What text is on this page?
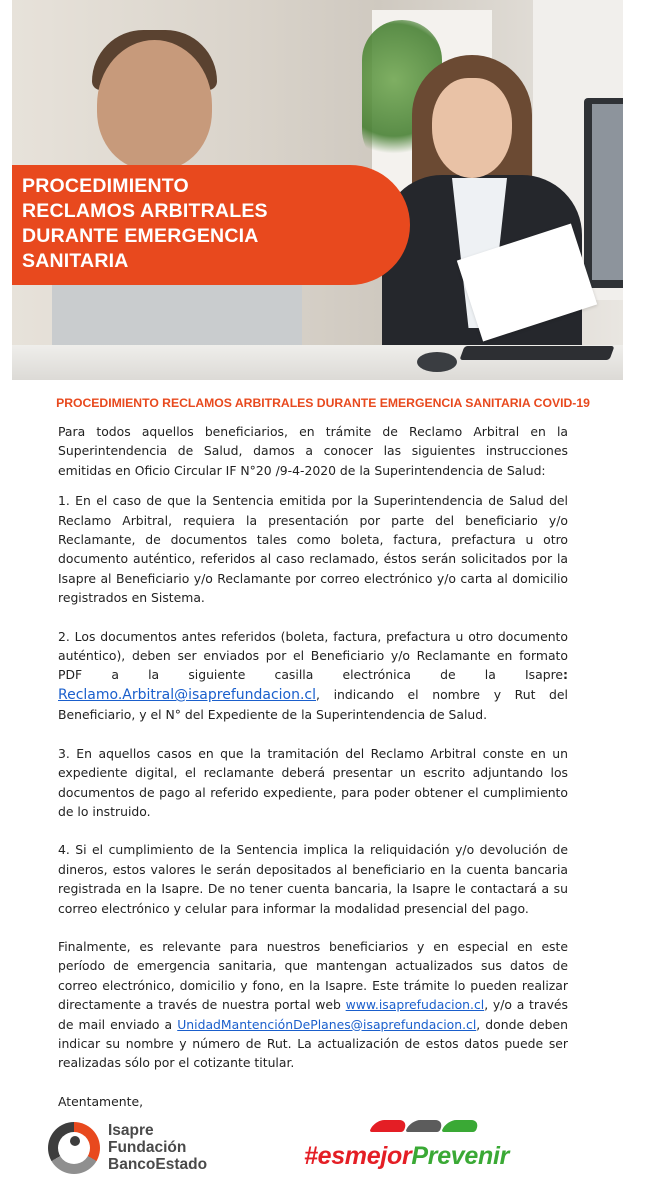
PROCEDIMIENTO
RECLAMOS ARBITRALES
DURANTE EMERGENCIA
SANITARIA
PROCEDIMIENTO RECLAMOS ARBITRALES DURANTE EMERGENCIA SANITARIA COVID-19

Para todos aquellos beneficiarios, en trámite de Reclamo Arbitral en la Superintendencia de Salud, damos a conocer las siguientes instrucciones emitidas en Oficio Circular IF N°20 /9-4-2020 de la Superintendencia de Salud:

1. En el caso de que la Sentencia emitida por la Superintendencia de Salud del Reclamo Arbitral, requiera la presentación por parte del beneficiario y/o Reclamante, de documentos tales como boleta, factura, prefactura u otro documento auténtico, referidos al caso reclamado, éstos serán solicitados por la Isapre al Beneficiario y/o Reclamante por correo electrónico y/o carta al domicilio registrados en Sistema.

2. Los documentos antes referidos (boleta, factura, prefactura u otro documento auténtico), deben ser enviados por el Beneficiario y/o Reclamante en formato PDF a la siguiente casilla electrónica de la Isapre: Reclamo.Arbitral@isaprefundacion.cl, indicando el nombre y Rut del Beneficiario, y el N° del Expediente de la Superintendencia de Salud.

3. En aquellos casos en que la tramitación del Reclamo Arbitral conste en un expediente digital, el reclamante deberá presentar un escrito adjuntando los documentos de pago al referido expediente, para poder obtener el cumplimiento de lo instruido.

4. Si el cumplimiento de la Sentencia implica la reliquidación y/o devolución de dineros, estos valores le serán depositados al beneficiario en la cuenta bancaria registrada en la Isapre. De no tener cuenta bancaria, la Isapre le contactará a su correo electrónico y celular para informar la modalidad presencial del pago.

Finalmente, es relevante para nuestros beneficiarios y en especial en este período de emergencia sanitaria, que mantengan actualizados sus datos de correo electrónico, domicilio y fono, en la Isapre. Este trámite lo pueden realizar directamente a través de nuestra portal web www.isaprefudacion.cl, y/o a través de mail enviado a UnidadMantenciónDePlanes@isaprefundacion.cl, donde deben indicar su nombre y número de Rut. La actualización de estos datos puede ser realizadas sólo por el cotizante titular.

Atentamente,

Isapre
Fundación
BancoEstado	#esmejorPrevenir
